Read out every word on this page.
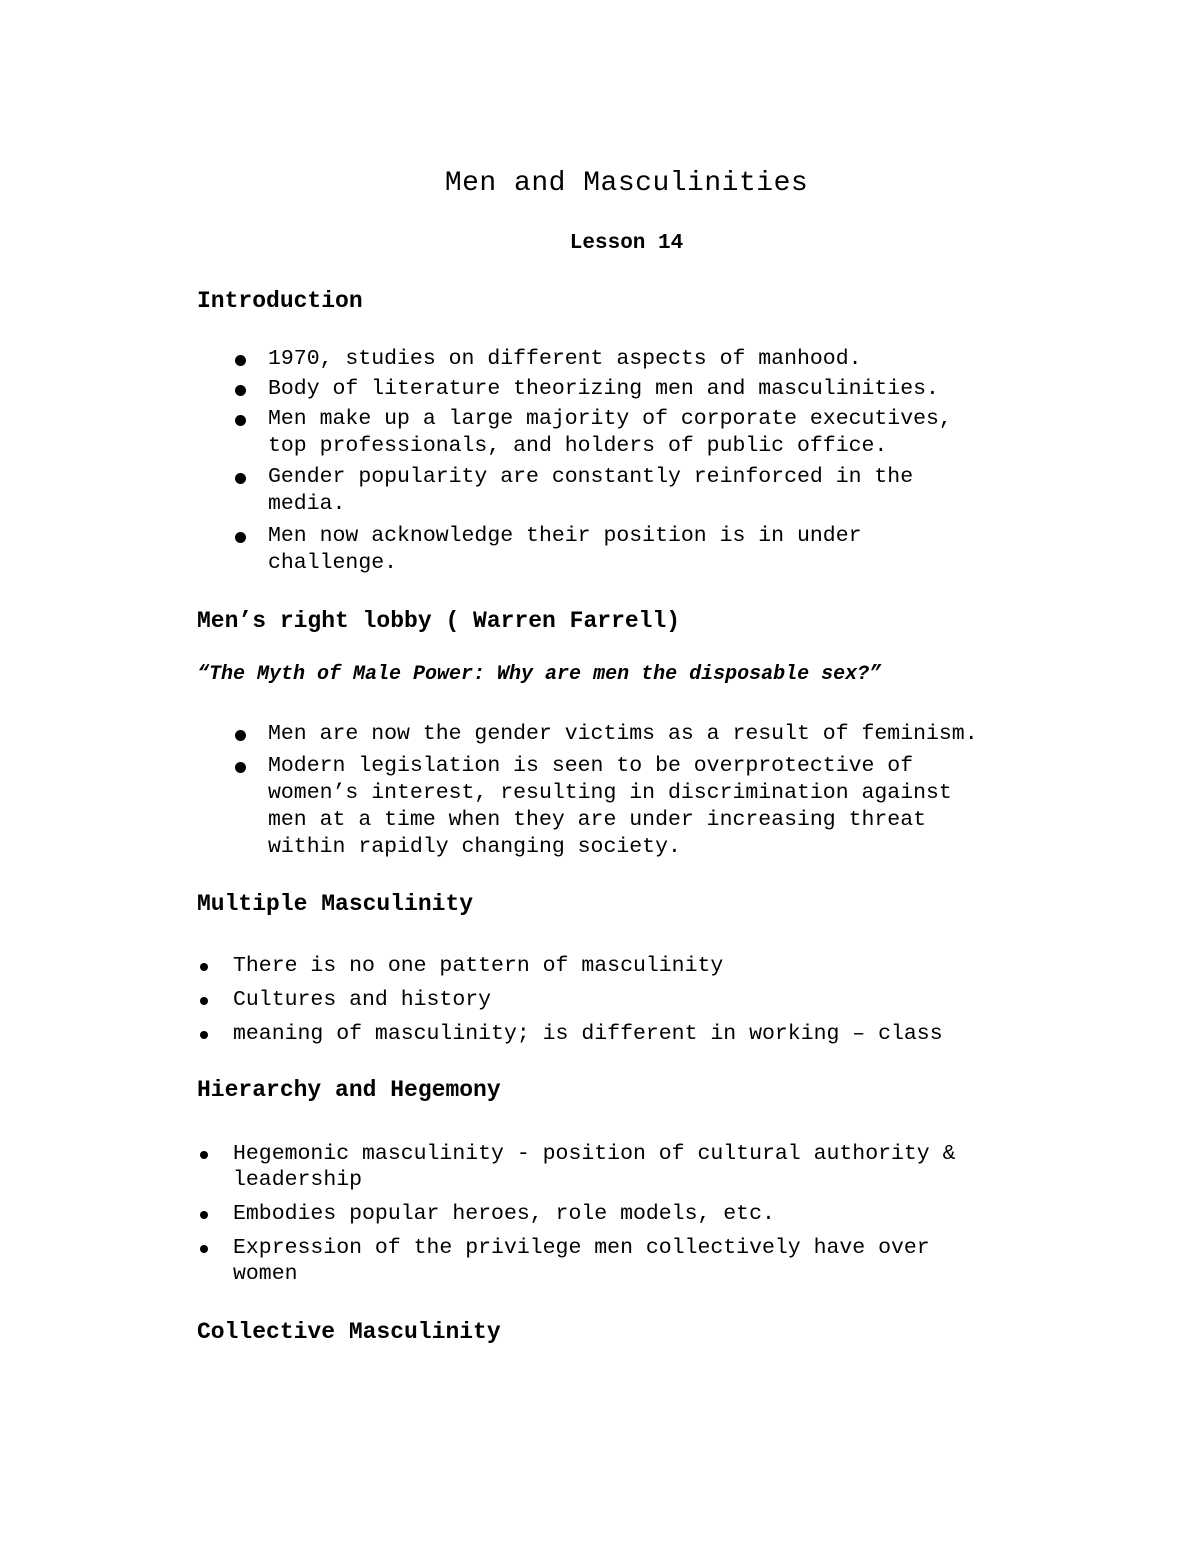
Men and Masculinities
Lesson 14
Introduction
1970, studies on different aspects of manhood.
Body of literature theorizing men and masculinities.
Men make up a large majority of corporate executives,
top professionals, and holders of public office.
Gender popularity are constantly reinforced in the
media.
Men now acknowledge their position is in under
challenge.
Men’s right lobby ( Warren Farrell)
“The Myth of Male Power: Why are men the disposable sex?”
Men are now the gender victims as a result of feminism.
Modern legislation is seen to be overprotective of
women’s interest, resulting in discrimination against
men at a time when they are under increasing threat
within rapidly changing society.
Multiple Masculinity
There is no one pattern of masculinity
Cultures and history
meaning of masculinity; is different in working – class
Hierarchy and Hegemony
Hegemonic masculinity - position of cultural authority &
leadership
Embodies popular heroes, role models, etc.
Expression of the privilege men collectively have over
women
Collective Masculinity
